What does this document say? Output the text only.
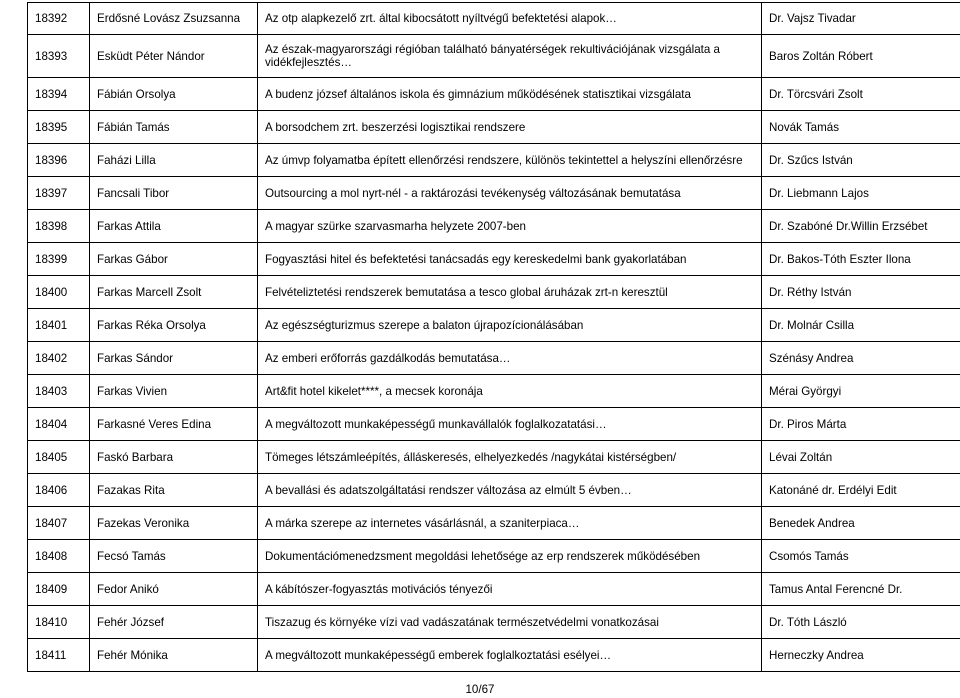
18392	Erdősné Lovász Zsuzsanna	Az otp alapkezelő zrt. által kibocsátott nyíltvégű befektetési alapok…	Dr. Vajsz Tivadar
18393	Esküdt Péter Nándor	Az észak-magyarországi régióban található bányatérségek rekultivációjának vizsgálata a vidékfejlesztés…	Baros Zoltán Róbert
18394	Fábián Orsolya	A budenz józsef általános iskola és gimnázium működésének statisztikai vizsgálata	Dr. Törcsvári Zsolt
18395	Fábián Tamás	A borsodchem zrt. beszerzési logisztikai rendszere	Novák Tamás
18396	Faházi Lilla	Az úmvp folyamatba épített ellenőrzési rendszere, különös tekintettel a helyszíni ellenőrzésre	Dr. Szűcs István
18397	Fancsali Tibor	Outsourcing a mol nyrt-nél - a raktározási tevékenység változásának bemutatása	Dr. Liebmann Lajos
18398	Farkas Attila	A magyar szürke szarvasmarha helyzete 2007-ben	Dr. Szabóné Dr.Willin Erzsébet
18399	Farkas Gábor	Fogyasztási hitel és befektetési tanácsadás egy kereskedelmi bank gyakorlatában	Dr. Bakos-Tóth Eszter Ilona
18400	Farkas Marcell Zsolt	Felvételiztetési rendszerek bemutatása a tesco global áruházak zrt-n keresztül	Dr. Réthy István
18401	Farkas Réka Orsolya	Az egészségturizmus szerepe a balaton újrapozícionálásában	Dr. Molnár Csilla
18402	Farkas Sándor	Az emberi erőforrás gazdálkodás bemutatása…	Szénásy Andrea
18403	Farkas Vivien	Art&fit hotel kikelet****, a mecsek koronája	Mérai Györgyi
18404	Farkasné Veres Edina	A megváltozott munkaképességű munkavállalók foglalkozatatási…	Dr. Piros Márta
18405	Faskó Barbara	Tömeges létszámleépítés, álláskeresés, elhelyezkedés /nagykátai kistérségben/	Lévai Zoltán
18406	Fazakas Rita	A bevallási és adatszolgáltatási rendszer változása az elmúlt 5 évben…	Katonáné dr. Erdélyi Edit
18407	Fazekas Veronika	A márka szerepe az internetes vásárlásnál, a szaniterpiaca…	Benedek Andrea
18408	Fecsó Tamás	Dokumentációmenedzsment megoldási lehetősége az erp rendszerek működésében	Csomós Tamás
18409	Fedor Anikó	A kábítószer-fogyasztás motivációs tényezői	Tamus Antal Ferencné Dr.
18410	Fehér József	Tiszazug és környéke vízi vad vadászatának természetvédelmi vonatkozásai	Dr. Tóth László
18411	Fehér Mónika	A megváltozott munkaképességű emberek foglalkoztatási esélyei…	Herneczky Andrea
10/67
